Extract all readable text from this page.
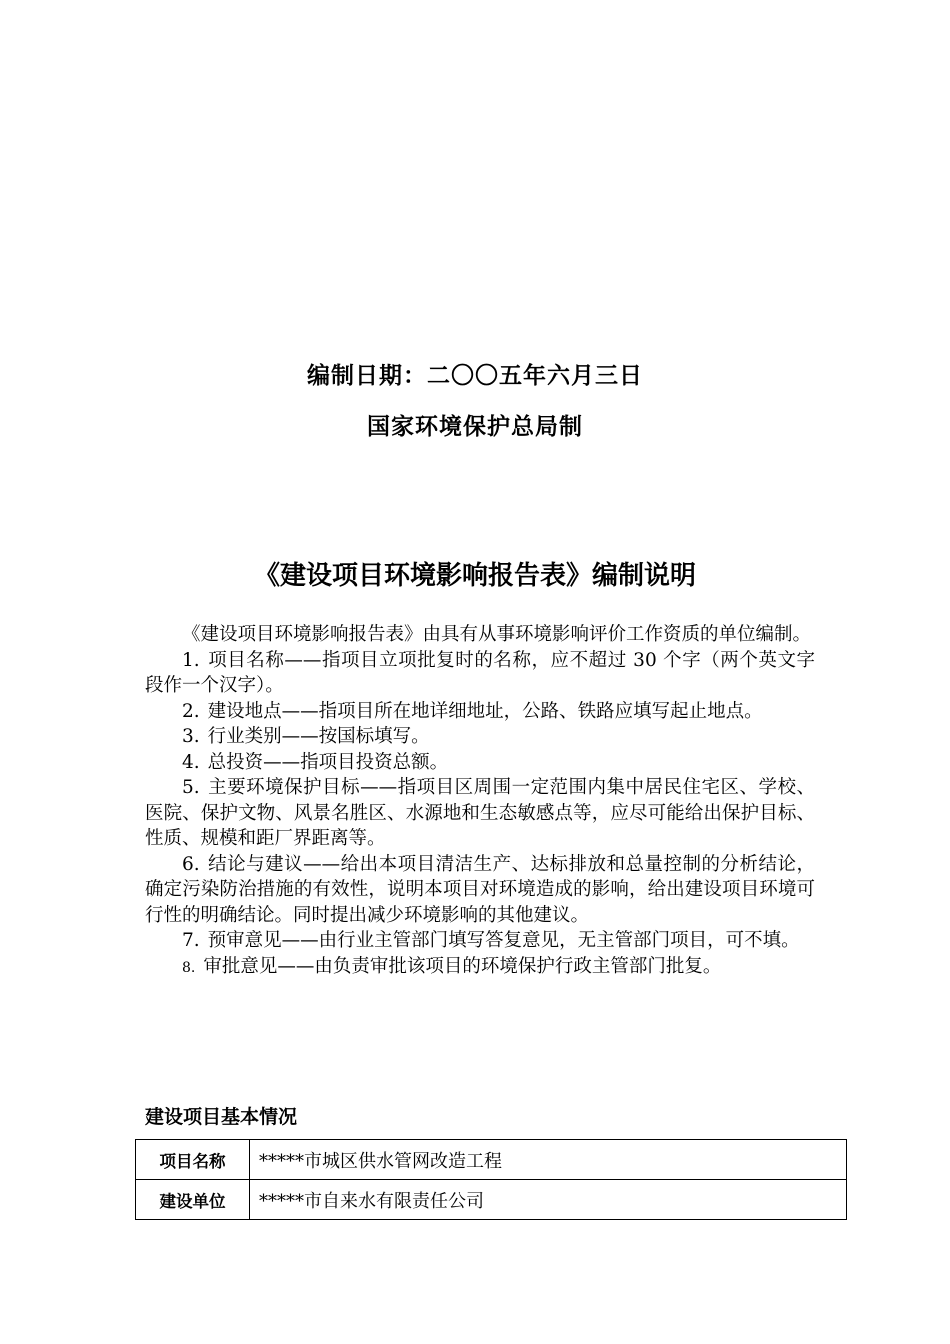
编制日期：二〇〇五年六月三日
国家环境保护总局制
《建设项目环境影响报告表》编制说明

《建设项目环境影响报告表》由具有从事环境影响评价工作资质的单位编制。

1. 项目名称——指项目立项批复时的名称，应不超过 30 个字（两个英文字段作一个汉字）。

2. 建设地点——指项目所在地详细地址，公路、铁路应填写起止地点。

3. 行业类别——按国标填写。

4. 总投资——指项目投资总额。

5. 主要环境保护目标——指项目区周围一定范围内集中居民住宅区、学校、医院、保护文物、风景名胜区、水源地和生态敏感点等，应尽可能给出保护目标、性质、规模和距厂界距离等。

6. 结论与建议——给出本项目清洁生产、达标排放和总量控制的分析结论，确定污染防治措施的有效性，说明本项目对环境造成的影响，给出建设项目环境可行性的明确结论。同时提出减少环境影响的其他建议。

7. 预审意见——由行业主管部门填写答复意见，无主管部门项目，可不填。

8. 审批意见——由负责审批该项目的环境保护行政主管部门批复。

建设项目基本情况
项目名称	*****市城区供水管网改造工程
建设单位	*****市自来水有限责任公司
